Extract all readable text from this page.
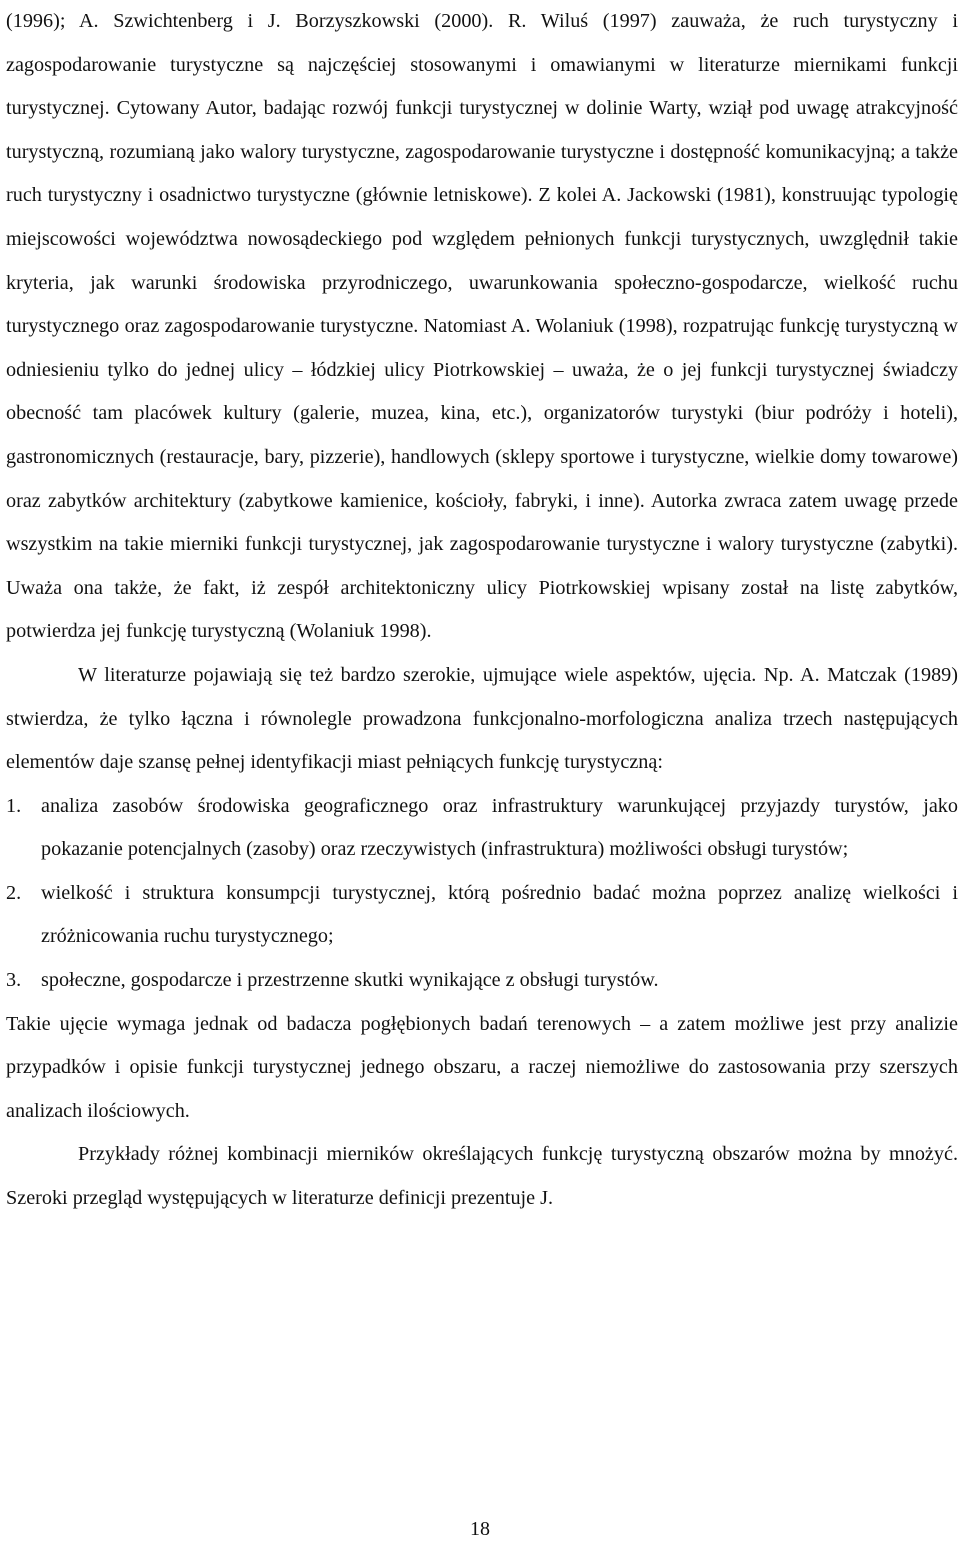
(1996); A. Szwichtenberg i J. Borzyszkowski (2000). R. Wiluś (1997) zauważa, że ruch turystyczny i zagospodarowanie turystyczne są najczęściej stosowanymi i omawianymi w literaturze miernikami funkcji turystycznej. Cytowany Autor, badając rozwój funkcji turystycznej w dolinie Warty, wziął pod uwagę atrakcyjność turystyczną, rozumianą jako walory turystyczne, zagospodarowanie turystyczne i dostępność komunikacyjną; a także ruch turystyczny i osadnictwo turystyczne (głównie letniskowe). Z kolei A. Jackowski (1981), konstruując typologię miejscowości województwa nowosądeckiego pod względem pełnionych funkcji turystycznych, uwzględnił takie kryteria, jak warunki środowiska przyrodniczego, uwarunkowania społeczno-gospodarcze, wielkość ruchu turystycznego oraz zagospodarowanie turystyczne. Natomiast A. Wolaniuk (1998), rozpatrując funkcję turystyczną w odniesieniu tylko do jednej ulicy – łódzkiej ulicy Piotrkowskiej – uważa, że o jej funkcji turystycznej świadczy obecność tam placówek kultury (galerie, muzea, kina, etc.), organizatorów turystyki (biur podróży i hoteli), gastronomicznych (restauracje, bary, pizzerie), handlowych (sklepy sportowe i turystyczne, wielkie domy towarowe) oraz zabytków architektury (zabytkowe kamienice, kościoły, fabryki, i inne). Autorka zwraca zatem uwagę przede wszystkim na takie mierniki funkcji turystycznej, jak zagospodarowanie turystyczne i walory turystyczne (zabytki). Uważa ona także, że fakt, iż zespół architektoniczny ulicy Piotrkowskiej wpisany został na listę zabytków, potwierdza jej funkcję turystyczną (Wolaniuk 1998).

W literaturze pojawiają się też bardzo szerokie, ujmujące wiele aspektów, ujęcia. Np. A. Matczak (1989) stwierdza, że tylko łączna i równolegle prowadzona funkcjonalno-morfologiczna analiza trzech następujących elementów daje szansę pełnej identyfikacji miast pełniących funkcję turystyczną:

1. analiza zasobów środowiska geograficznego oraz infrastruktury warunkującej przyjazdy turystów, jako pokazanie potencjalnych (zasoby) oraz rzeczywistych (infrastruktura) możliwości obsługi turystów;
2. wielkość i struktura konsumpcji turystycznej, którą pośrednio badać można poprzez analizę wielkości i zróżnicowania ruchu turystycznego;
3. społeczne, gospodarcze i przestrzenne skutki wynikające z obsługi turystów.

Takie ujęcie wymaga jednak od badacza pogłębionych badań terenowych – a zatem możliwe jest przy analizie przypadków i opisie funkcji turystycznej jednego obszaru, a raczej niemożliwe do zastosowania przy szerszych analizach ilościowych.

Przykłady różnej kombinacji mierników określających funkcję turystyczną obszarów można by mnożyć. Szeroki przegląd występujących w literaturze definicji prezentuje J.

18
